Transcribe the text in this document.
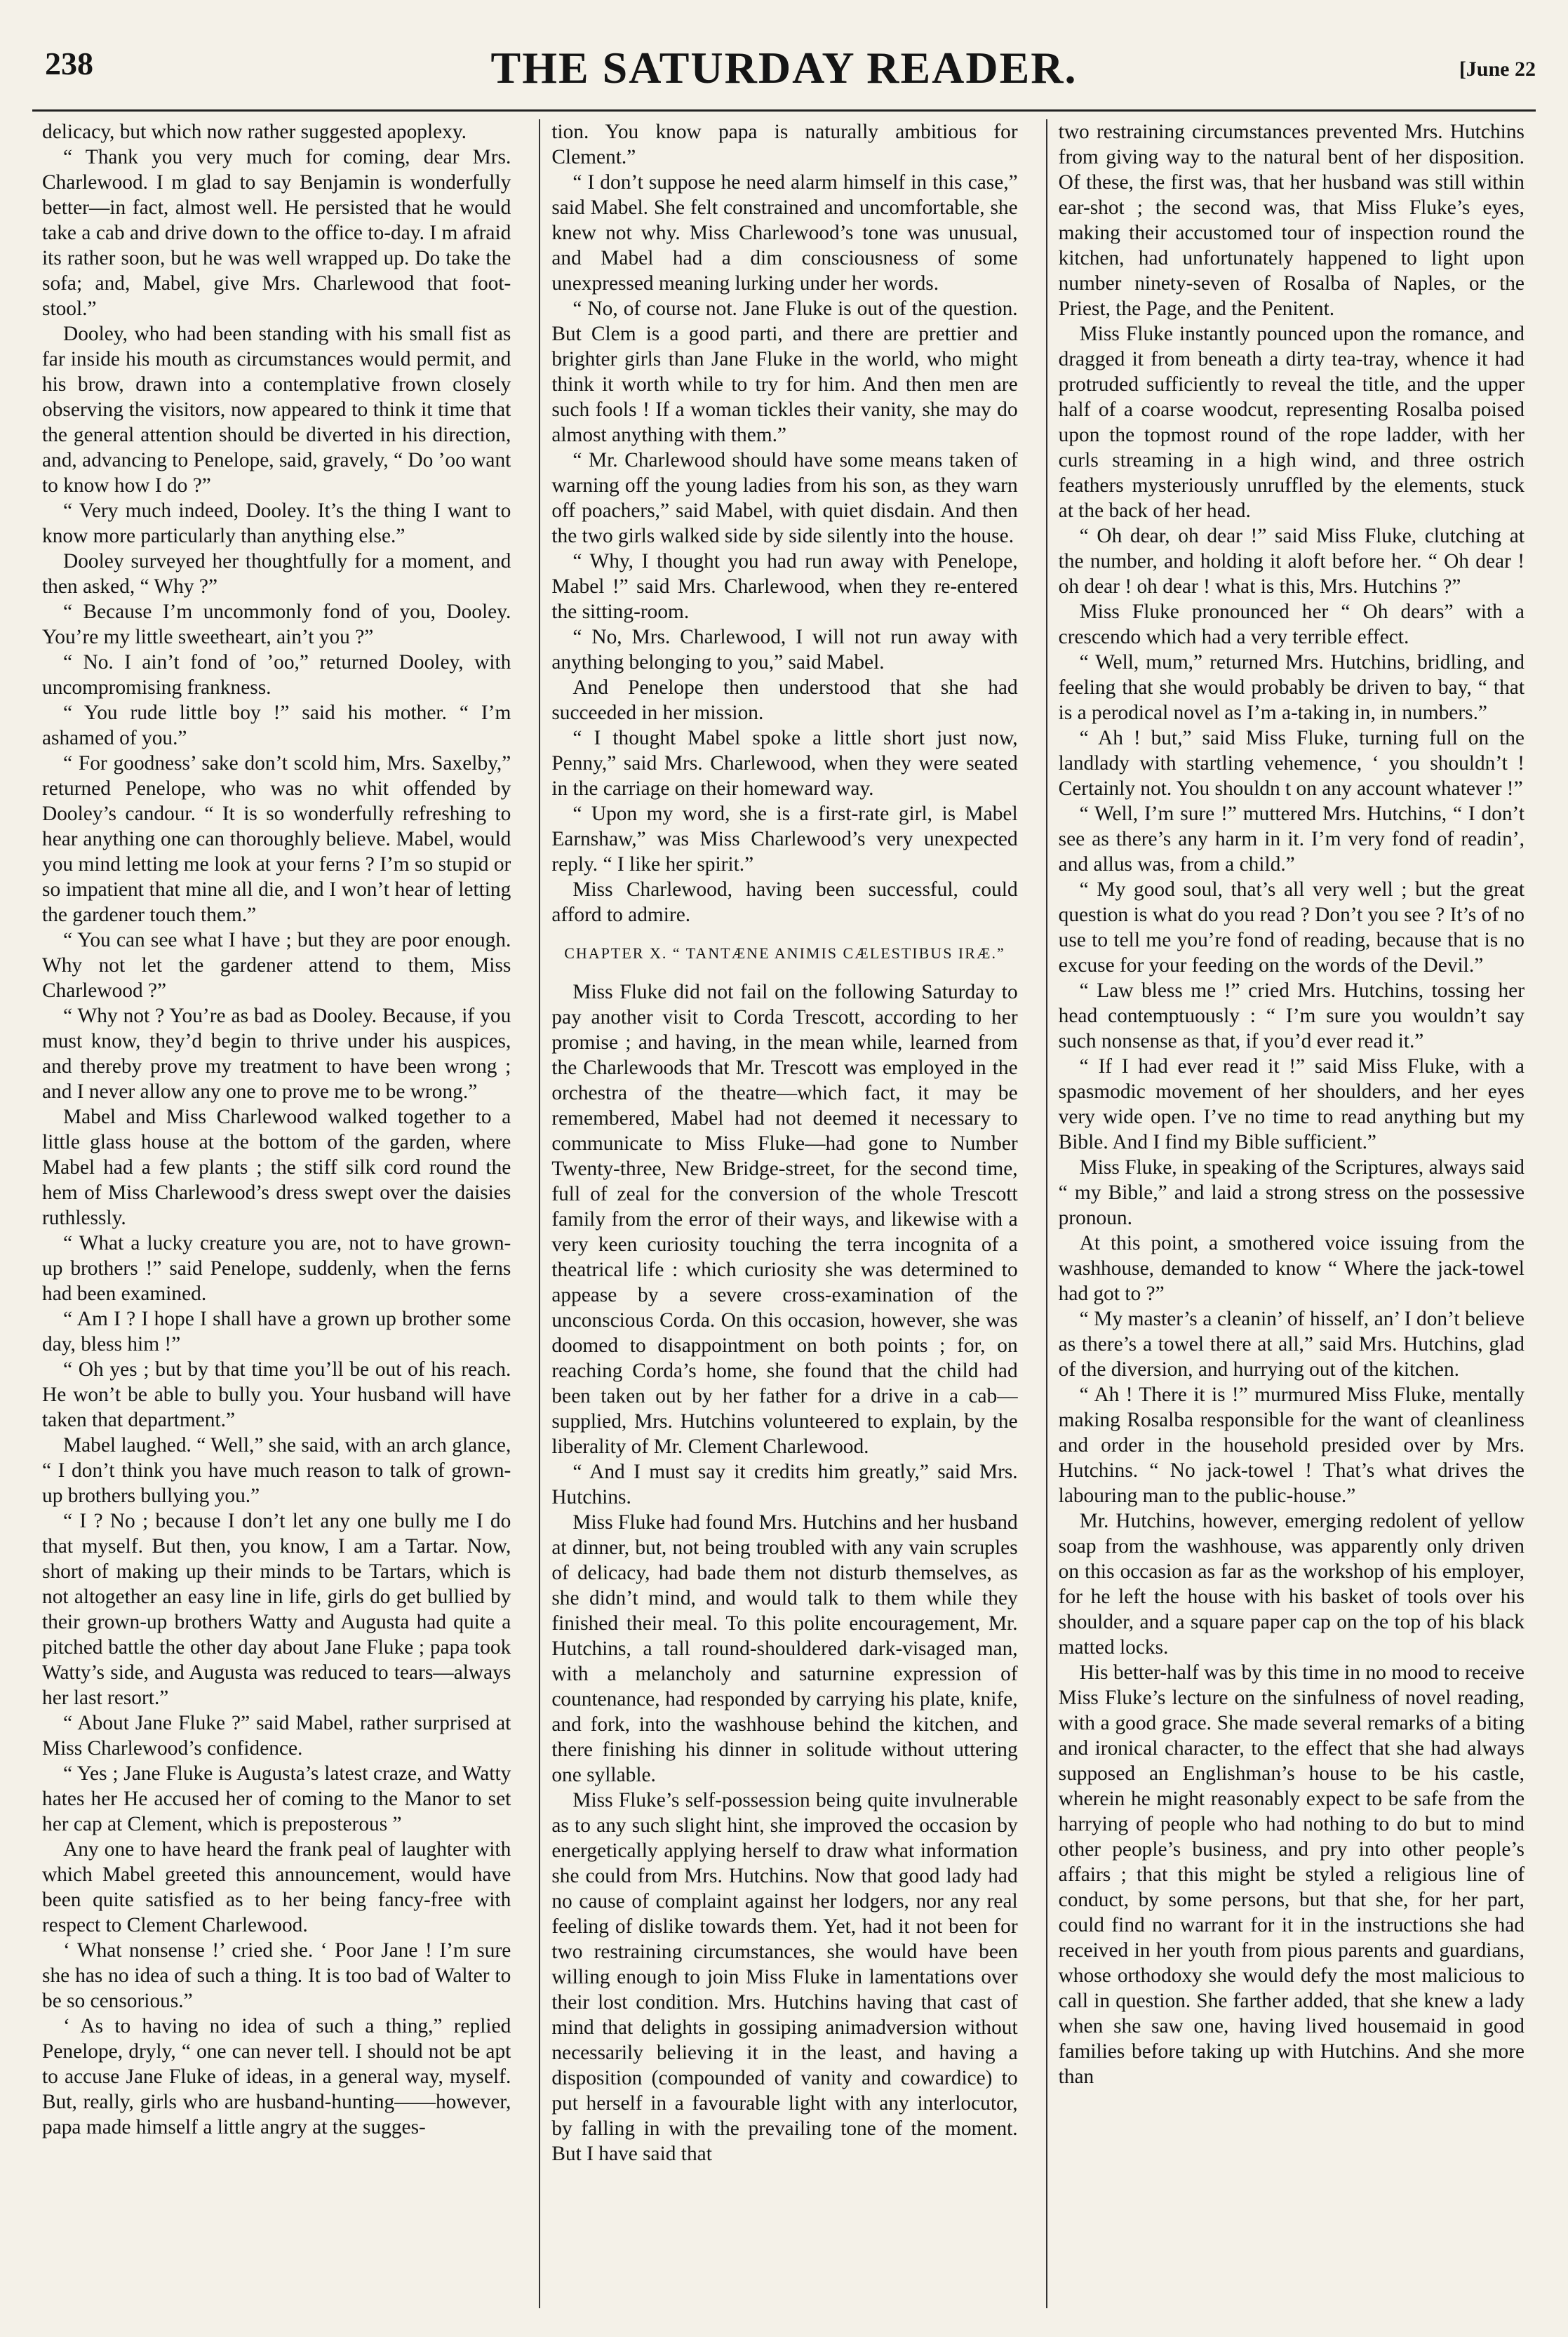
238	THE SATURDAY READER.	[June 22

delicacy, but which now rather suggested apoplexy.

“ Thank you very much for coming, dear Mrs. Charlewood. I m glad to say Benjamin is wonderfully better—in fact, almost well. He persisted that he would take a cab and drive down to the office to-day. I m afraid its rather soon, but he was well wrapped up. Do take the sofa; and, Mabel, give Mrs. Charlewood that foot-stool.”

Dooley, who had been standing with his small fist as far inside his mouth as circumstances would permit, and his brow, drawn into a contemplative frown closely observing the visitors, now appeared to think it time that the general attention should be diverted in his direction, and, advancing to Penelope, said, gravely, “ Do ’oo want to know how I do ?”

“ Very much indeed, Dooley. It’s the thing I want to know more particularly than anything else.”

Dooley surveyed her thoughtfully for a moment, and then asked, “ Why ?”

“ Because I’m uncommonly fond of you, Dooley. You’re my little sweetheart, ain’t you ?”

“ No. I ain’t fond of ’oo,” returned Dooley, with uncompromising frankness.

“ You rude little boy !” said his mother. “ I’m ashamed of you.”

“ For goodness’ sake don’t scold him, Mrs. Saxelby,” returned Penelope, who was no whit offended by Dooley’s candour. “ It is so wonderfully refreshing to hear anything one can thoroughly believe. Mabel, would you mind letting me look at your ferns ? I’m so stupid or so impatient that mine all die, and I won’t hear of letting the gardener touch them.”

“ You can see what I have ; but they are poor enough. Why not let the gardener attend to them, Miss Charlewood ?”

“ Why not ? You’re as bad as Dooley. Because, if you must know, they’d begin to thrive under his auspices, and thereby prove my treatment to have been wrong ; and I never allow any one to prove me to be wrong.”

Mabel and Miss Charlewood walked together to a little glass house at the bottom of the garden, where Mabel had a few plants ; the stiff silk cord round the hem of Miss Charlewood’s dress swept over the daisies ruthlessly.

“ What a lucky creature you are, not to have grown-up brothers !” said Penelope, suddenly, when the ferns had been examined.

“ Am I ? I hope I shall have a grown up brother some day, bless him !”

“ Oh yes ; but by that time you’ll be out of his reach. He won’t be able to bully you. Your husband will have taken that department.”

Mabel laughed. “ Well,” she said, with an arch glance, “ I don’t think you have much reason to talk of grown-up brothers bullying you.”

“ I ? No ; because I don’t let any one bully me I do that myself. But then, you know, I am a Tartar. Now, short of making up their minds to be Tartars, which is not altogether an easy line in life, girls do get bullied by their grown-up brothers Watty and Augusta had quite a pitched battle the other day about Jane Fluke ; papa took Watty’s side, and Augusta was reduced to tears—always her last resort.”

“ About Jane Fluke ?” said Mabel, rather surprised at Miss Charlewood’s confidence.

“ Yes ; Jane Fluke is Augusta’s latest craze, and Watty hates her He accused her of coming to the Manor to set her cap at Clement, which is preposterous ”

Any one to have heard the frank peal of laughter with which Mabel greeted this announcement, would have been quite satisfied as to her being fancy-free with respect to Clement Charlewood.

‘ What nonsense !’ cried she. ‘ Poor Jane ! I’m sure she has no idea of such a thing. It is too bad of Walter to be so censorious.”

‘ As to having no idea of such a thing,” replied Penelope, dryly, “ one can never tell. I should not be apt to accuse Jane Fluke of ideas, in a general way, myself. But, really, girls who are husband-hunting——however, papa made himself a little angry at the sugges-

tion. You know papa is naturally ambitious for Clement.”

“ I don’t suppose he need alarm himself in this case,” said Mabel. She felt constrained and uncomfortable, she knew not why. Miss Charlewood’s tone was unusual, and Mabel had a dim consciousness of some unexpressed meaning lurking under her words.

“ No, of course not. Jane Fluke is out of the question. But Clem is a good parti, and there are prettier and brighter girls than Jane Fluke in the world, who might think it worth while to try for him. And then men are such fools ! If a woman tickles their vanity, she may do almost anything with them.”

“ Mr. Charlewood should have some means taken of warning off the young ladies from his son, as they warn off poachers,” said Mabel, with quiet disdain. And then the two girls walked side by side silently into the house.

“ Why, I thought you had run away with Penelope, Mabel !” said Mrs. Charlewood, when they re-entered the sitting-room.

“ No, Mrs. Charlewood, I will not run away with anything belonging to you,” said Mabel.

And Penelope then understood that she had succeeded in her mission.

“ I thought Mabel spoke a little short just now, Penny,” said Mrs. Charlewood, when they were seated in the carriage on their homeward way.

“ Upon my word, she is a first-rate girl, is Mabel Earnshaw,” was Miss Charlewood’s very unexpected reply. “ I like her spirit.”

Miss Charlewood, having been successful, could afford to admire.

CHAPTER X. “ TANTÆNE ANIMIS CÆLESTIBUS IRÆ.”

Miss Fluke did not fail on the following Saturday to pay another visit to Corda Trescott, according to her promise ; and having, in the mean while, learned from the Charlewoods that Mr. Trescott was employed in the orchestra of the theatre—which fact, it may be remembered, Mabel had not deemed it necessary to communicate to Miss Fluke—had gone to Number Twenty-three, New Bridge-street, for the second time, full of zeal for the conversion of the whole Trescott family from the error of their ways, and likewise with a very keen curiosity touching the terra incognita of a theatrical life : which curiosity she was determined to appease by a severe cross-examination of the unconscious Corda. On this occasion, however, she was doomed to disappointment on both points ; for, on reaching Corda’s home, she found that the child had been taken out by her father for a drive in a cab—supplied, Mrs. Hutchins volunteered to explain, by the liberality of Mr. Clement Charlewood.

“ And I must say it credits him greatly,” said Mrs. Hutchins.

Miss Fluke had found Mrs. Hutchins and her husband at dinner, but, not being troubled with any vain scruples of delicacy, had bade them not disturb themselves, as she didn’t mind, and would talk to them while they finished their meal. To this polite encouragement, Mr. Hutchins, a tall round-shouldered dark-visaged man, with a melancholy and saturnine expression of countenance, had responded by carrying his plate, knife, and fork, into the washhouse behind the kitchen, and there finishing his dinner in solitude without uttering one syllable.

Miss Fluke’s self-possession being quite invulnerable as to any such slight hint, she improved the occasion by energetically applying herself to draw what information she could from Mrs. Hutchins. Now that good lady had no cause of complaint against her lodgers, nor any real feeling of dislike towards them. Yet, had it not been for two restraining circumstances, she would have been willing enough to join Miss Fluke in lamentations over their lost condition. Mrs. Hutchins having that cast of mind that delights in gossiping animadversion without necessarily believing it in the least, and having a disposition (compounded of vanity and cowardice) to put herself in a favourable light with any interlocutor, by falling in with the prevailing tone of the moment. But I have said that

two restraining circumstances prevented Mrs. Hutchins from giving way to the natural bent of her disposition. Of these, the first was, that her husband was still within ear-shot ; the second was, that Miss Fluke’s eyes, making their accustomed tour of inspection round the kitchen, had unfortunately happened to light upon number ninety-seven of Rosalba of Naples, or the Priest, the Page, and the Penitent.

Miss Fluke instantly pounced upon the romance, and dragged it from beneath a dirty tea-tray, whence it had protruded sufficiently to reveal the title, and the upper half of a coarse woodcut, representing Rosalba poised upon the topmost round of the rope ladder, with her curls streaming in a high wind, and three ostrich feathers mysteriously unruffled by the elements, stuck at the back of her head.

“ Oh dear, oh dear !” said Miss Fluke, clutching at the number, and holding it aloft before her. “ Oh dear ! oh dear ! oh dear ! what is this, Mrs. Hutchins ?”

Miss Fluke pronounced her “ Oh dears” with a crescendo which had a very terrible effect.

“ Well, mum,” returned Mrs. Hutchins, bridling, and feeling that she would probably be driven to bay, “ that is a perodical novel as I’m a-taking in, in numbers.”

“ Ah ! but,” said Miss Fluke, turning full on the landlady with startling vehemence, ‘ you shouldn’t ! Certainly not. You shouldn t on any account whatever !”

“ Well, I’m sure !” muttered Mrs. Hutchins, “ I don’t see as there’s any harm in it. I’m very fond of readin’, and allus was, from a child.”

“ My good soul, that’s all very well ; but the great question is what do you read ? Don’t you see ? It’s of no use to tell me you’re fond of reading, because that is no excuse for your feeding on the words of the Devil.”

“ Law bless me !” cried Mrs. Hutchins, tossing her head contemptuously : “ I’m sure you wouldn’t say such nonsense as that, if you’d ever read it.”

“ If I had ever read it !” said Miss Fluke, with a spasmodic movement of her shoulders, and her eyes very wide open. I’ve no time to read anything but my Bible. And I find my Bible sufficient.”

Miss Fluke, in speaking of the Scriptures, always said “ my Bible,” and laid a strong stress on the possessive pronoun.

At this point, a smothered voice issuing from the washhouse, demanded to know “ Where the jack-towel had got to ?”

“ My master’s a cleanin’ of hisself, an’ I don’t believe as there’s a towel there at all,” said Mrs. Hutchins, glad of the diversion, and hurrying out of the kitchen.

“ Ah ! There it is !” murmured Miss Fluke, mentally making Rosalba responsible for the want of cleanliness and order in the household presided over by Mrs. Hutchins. “ No jack-towel ! That’s what drives the labouring man to the public-house.”

Mr. Hutchins, however, emerging redolent of yellow soap from the washhouse, was apparently only driven on this occasion as far as the workshop of his employer, for he left the house with his basket of tools over his shoulder, and a square paper cap on the top of his black matted locks.

His better-half was by this time in no mood to receive Miss Fluke’s lecture on the sinfulness of novel reading, with a good grace. She made several remarks of a biting and ironical character, to the effect that she had always supposed an Englishman’s house to be his castle, wherein he might reasonably expect to be safe from the harrying of people who had nothing to do but to mind other people’s business, and pry into other people’s affairs ; that this might be styled a religious line of conduct, by some persons, but that she, for her part, could find no warrant for it in the instructions she had received in her youth from pious parents and guardians, whose orthodoxy she would defy the most malicious to call in question. She farther added, that she knew a lady when she saw one, having lived housemaid in good families before taking up with Hutchins. And she more than
